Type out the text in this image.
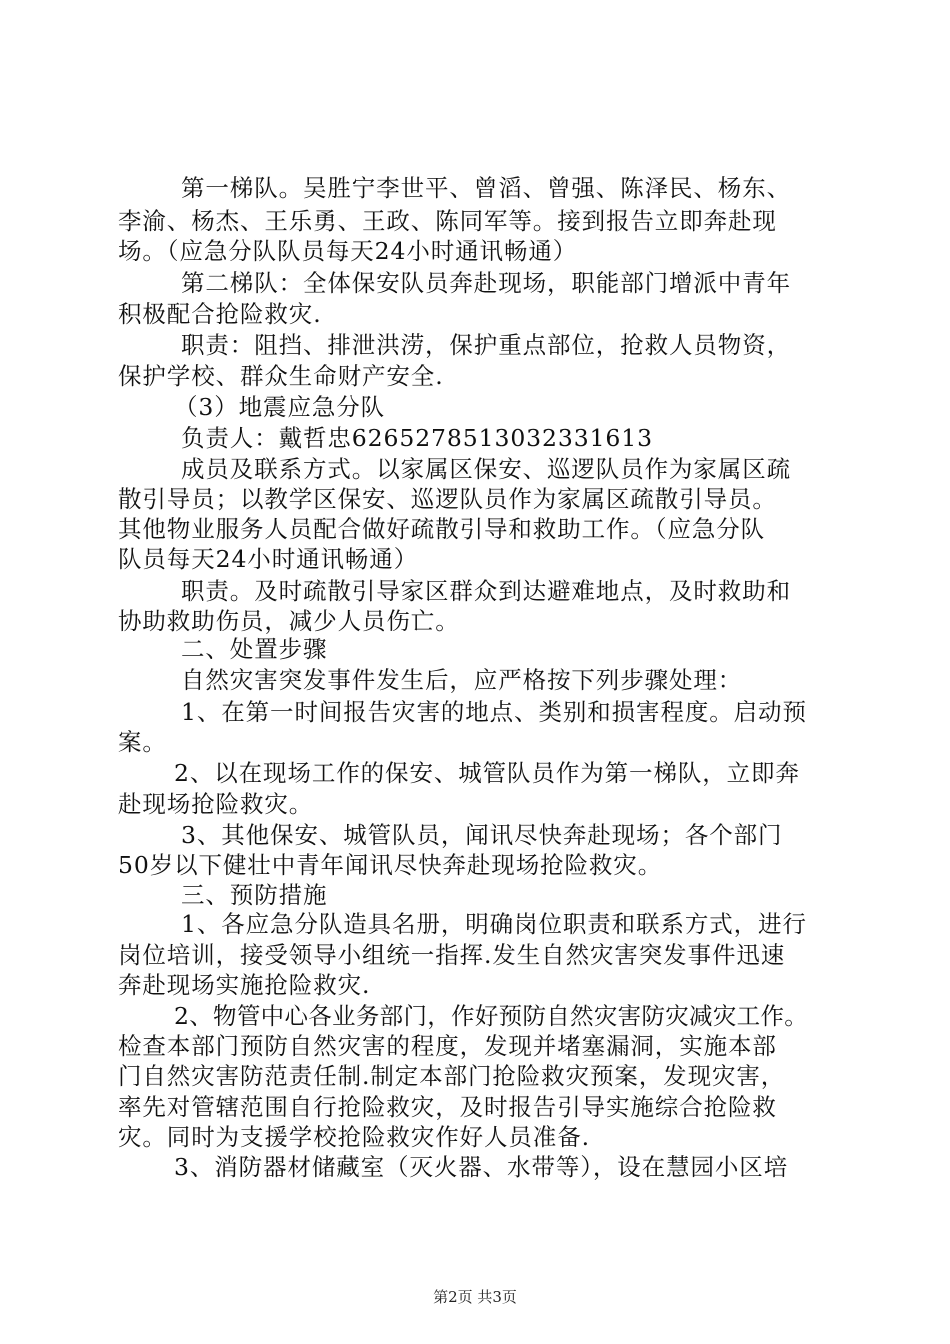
第一梯队。吴胜宁李世平、曾滔、曾强、陈泽民、杨东、
李渝、杨杰、王乐勇、王政、陈同军等。接到报告立即奔赴现
场。（应急分队队员每天24小时通讯畅通）
第二梯队：全体保安队员奔赴现场，职能部门增派中青年
积极配合抢险救灾.
职责：阻挡、排泄洪涝，保护重点部位，抢救人员物资，
保护学校、群众生命财产安全.
（3）地震应急分队
负责人：戴哲忠6265278513032331613
成员及联系方式。以家属区保安、巡逻队员作为家属区疏
散引导员；以教学区保安、巡逻队员作为家属区疏散引导员。
其他物业服务人员配合做好疏散引导和救助工作。（应急分队
队员每天24小时通讯畅通）
职责。及时疏散引导家区群众到达避难地点，及时救助和
协助救助伤员，减少人员伤亡。
二、处置步骤
自然灾害突发事件发生后，应严格按下列步骤处理：
1、在第一时间报告灾害的地点、类别和损害程度。启动预
案。
2、以在现场工作的保安、城管队员作为第一梯队，立即奔
赴现场抢险救灾。
3、其他保安、城管队员，闻讯尽快奔赴现场；各个部门
50岁以下健壮中青年闻讯尽快奔赴现场抢险救灾。
三、预防措施
1、各应急分队造具名册，明确岗位职责和联系方式，进行
岗位培训，接受领导小组统一指挥.发生自然灾害突发事件迅速
奔赴现场实施抢险救灾.
2、物管中心各业务部门，作好预防自然灾害防灾减灾工作。
检查本部门预防自然灾害的程度，发现并堵塞漏洞，实施本部
门自然灾害防范责任制.制定本部门抢险救灾预案，发现灾害，
率先对管辖范围自行抢险救灾，及时报告引导实施综合抢险救
灾。同时为支援学校抢险救灾作好人员准备.
3、消防器材储藏室（灭火器、水带等），设在慧园小区培
第2页 共3页
